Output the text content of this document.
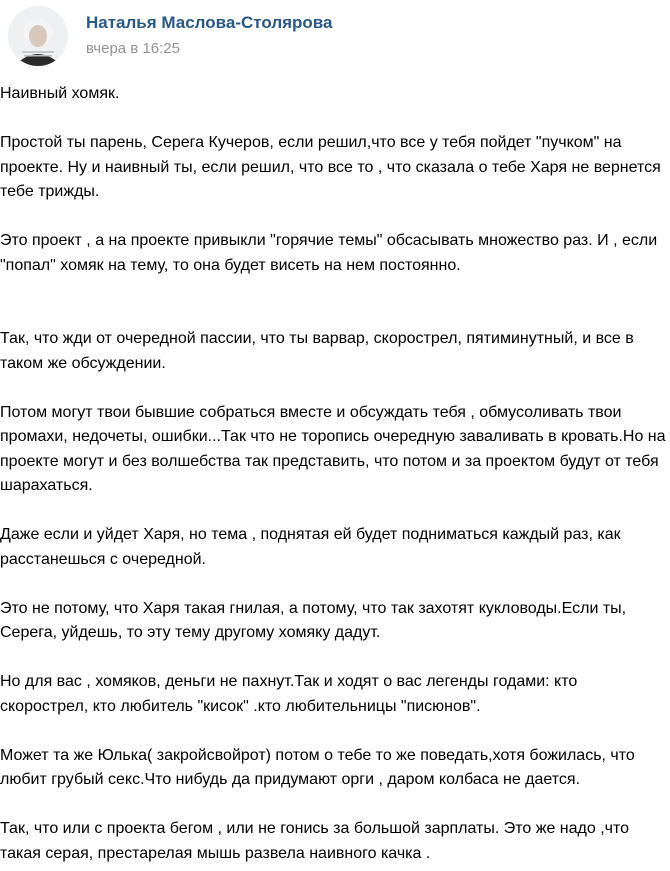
Наталья Маслова-Столярова
вчера в 16:25

Наивный хомяк.

Простой ты парень, Серега Кучеров, если решил,что все у тебя пойдет "пучком" на проекте. Ну и наивный ты, если решил, что все то , что сказала о тебе Харя не вернется тебе трижды.

Это проект , а на проекте привыкли "горячие темы" обсасывать множество раз. И , если "попал" хомяк на тему, то она будет висеть на нем постоянно.

Так, что жди от очередной пассии, что ты варвар, скорострел, пятиминутный, и все в таком же обсуждении.

Потом могут твои бывшие собраться вместе и обсуждать тебя , обмусоливать твои промахи, недочеты, ошибки...Так что не торопись очередную заваливать в кровать.Но на проекте могут и без волшебства так представить, что потом и за проектом будут от тебя шарахаться.

Даже если и уйдет Харя, но тема , поднятая ей будет подниматься каждый раз, как расстанешься с очередной.

Это не потому, что Харя такая гнилая, а потому, что так захотят кукловоды.Если ты, Серега, уйдешь, то эту тему другому хомяку дадут.

Но для вас , хомяков, деньги не пахнут.Так и ходят о вас легенды годами: кто скорострел, кто любитель "кисок" .кто любительницы "писюнов".

Может та же Юлька( закройсвойрот) потом о тебе то же поведать,хотя божилась, что любит грубый секс.Что нибудь да придумают орги , даром колбаса не дается.

Так, что или с проекта бегом , или не гонись за большой зарплаты. Это же надо ,что такая серая, престарелая мышь развела наивного качка .
